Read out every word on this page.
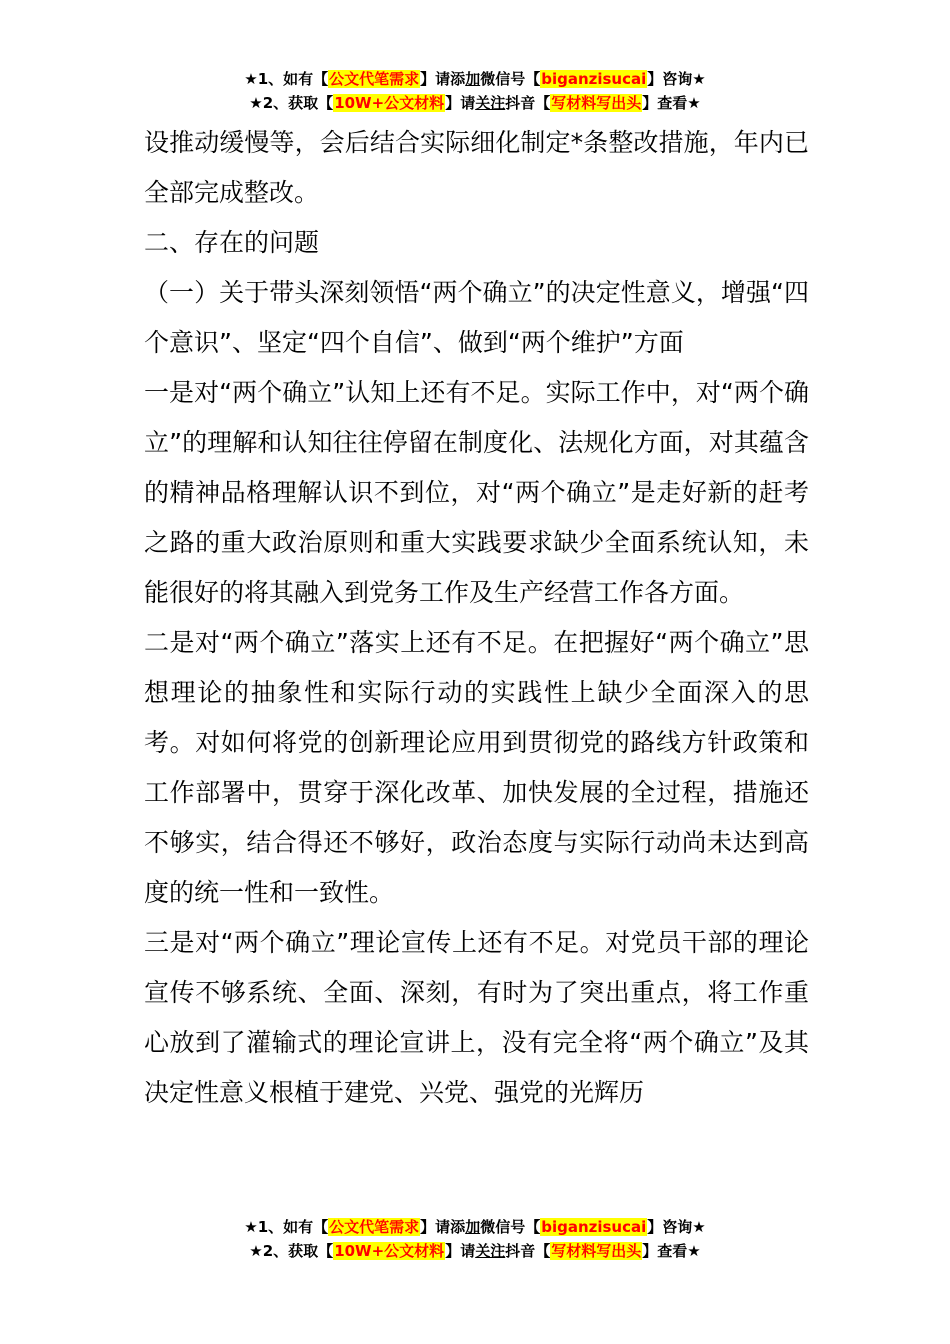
★1、如有【公文代笔需求】请添加微信号【biganzisucai】咨询★
★2、获取【10W+公文材料】请关注抖音【写材料写出头】查看★

设推动缓慢等，会后结合实际细化制定*条整改措施，年内已全部完成整改。

二、存在的问题

（一）关于带头深刻领悟“两个确立”的决定性意义，增强“四个意识”、坚定“四个自信”、做到“两个维护”方面

一是对“两个确立”认知上还有不足。实际工作中，对“两个确立”的理解和认知往往停留在制度化、法规化方面，对其蕴含的精神品格理解认识不到位，对“两个确立”是走好新的赶考之路的重大政治原则和重大实践要求缺少全面系统认知，未能很好的将其融入到党务工作及生产经营工作各方面。

二是对“两个确立”落实上还有不足。在把握好“两个确立”思想理论的抽象性和实际行动的实践性上缺少全面深入的思考。对如何将党的创新理论应用到贯彻党的路线方针政策和工作部署中，贯穿于深化改革、加快发展的全过程，措施还不够实，结合得还不够好，政治态度与实际行动尚未达到高度的统一性和一致性。

三是对“两个确立”理论宣传上还有不足。对党员干部的理论宣传不够系统、全面、深刻，有时为了突出重点，将工作重心放到了灌输式的理论宣讲上，没有完全将“两个确立”及其决定性意义根植于建党、兴党、强党的光辉历

★1、如有【公文代笔需求】请添加微信号【biganzisucai】咨询★
★2、获取【10W+公文材料】请关注抖音【写材料写出头】查看★
